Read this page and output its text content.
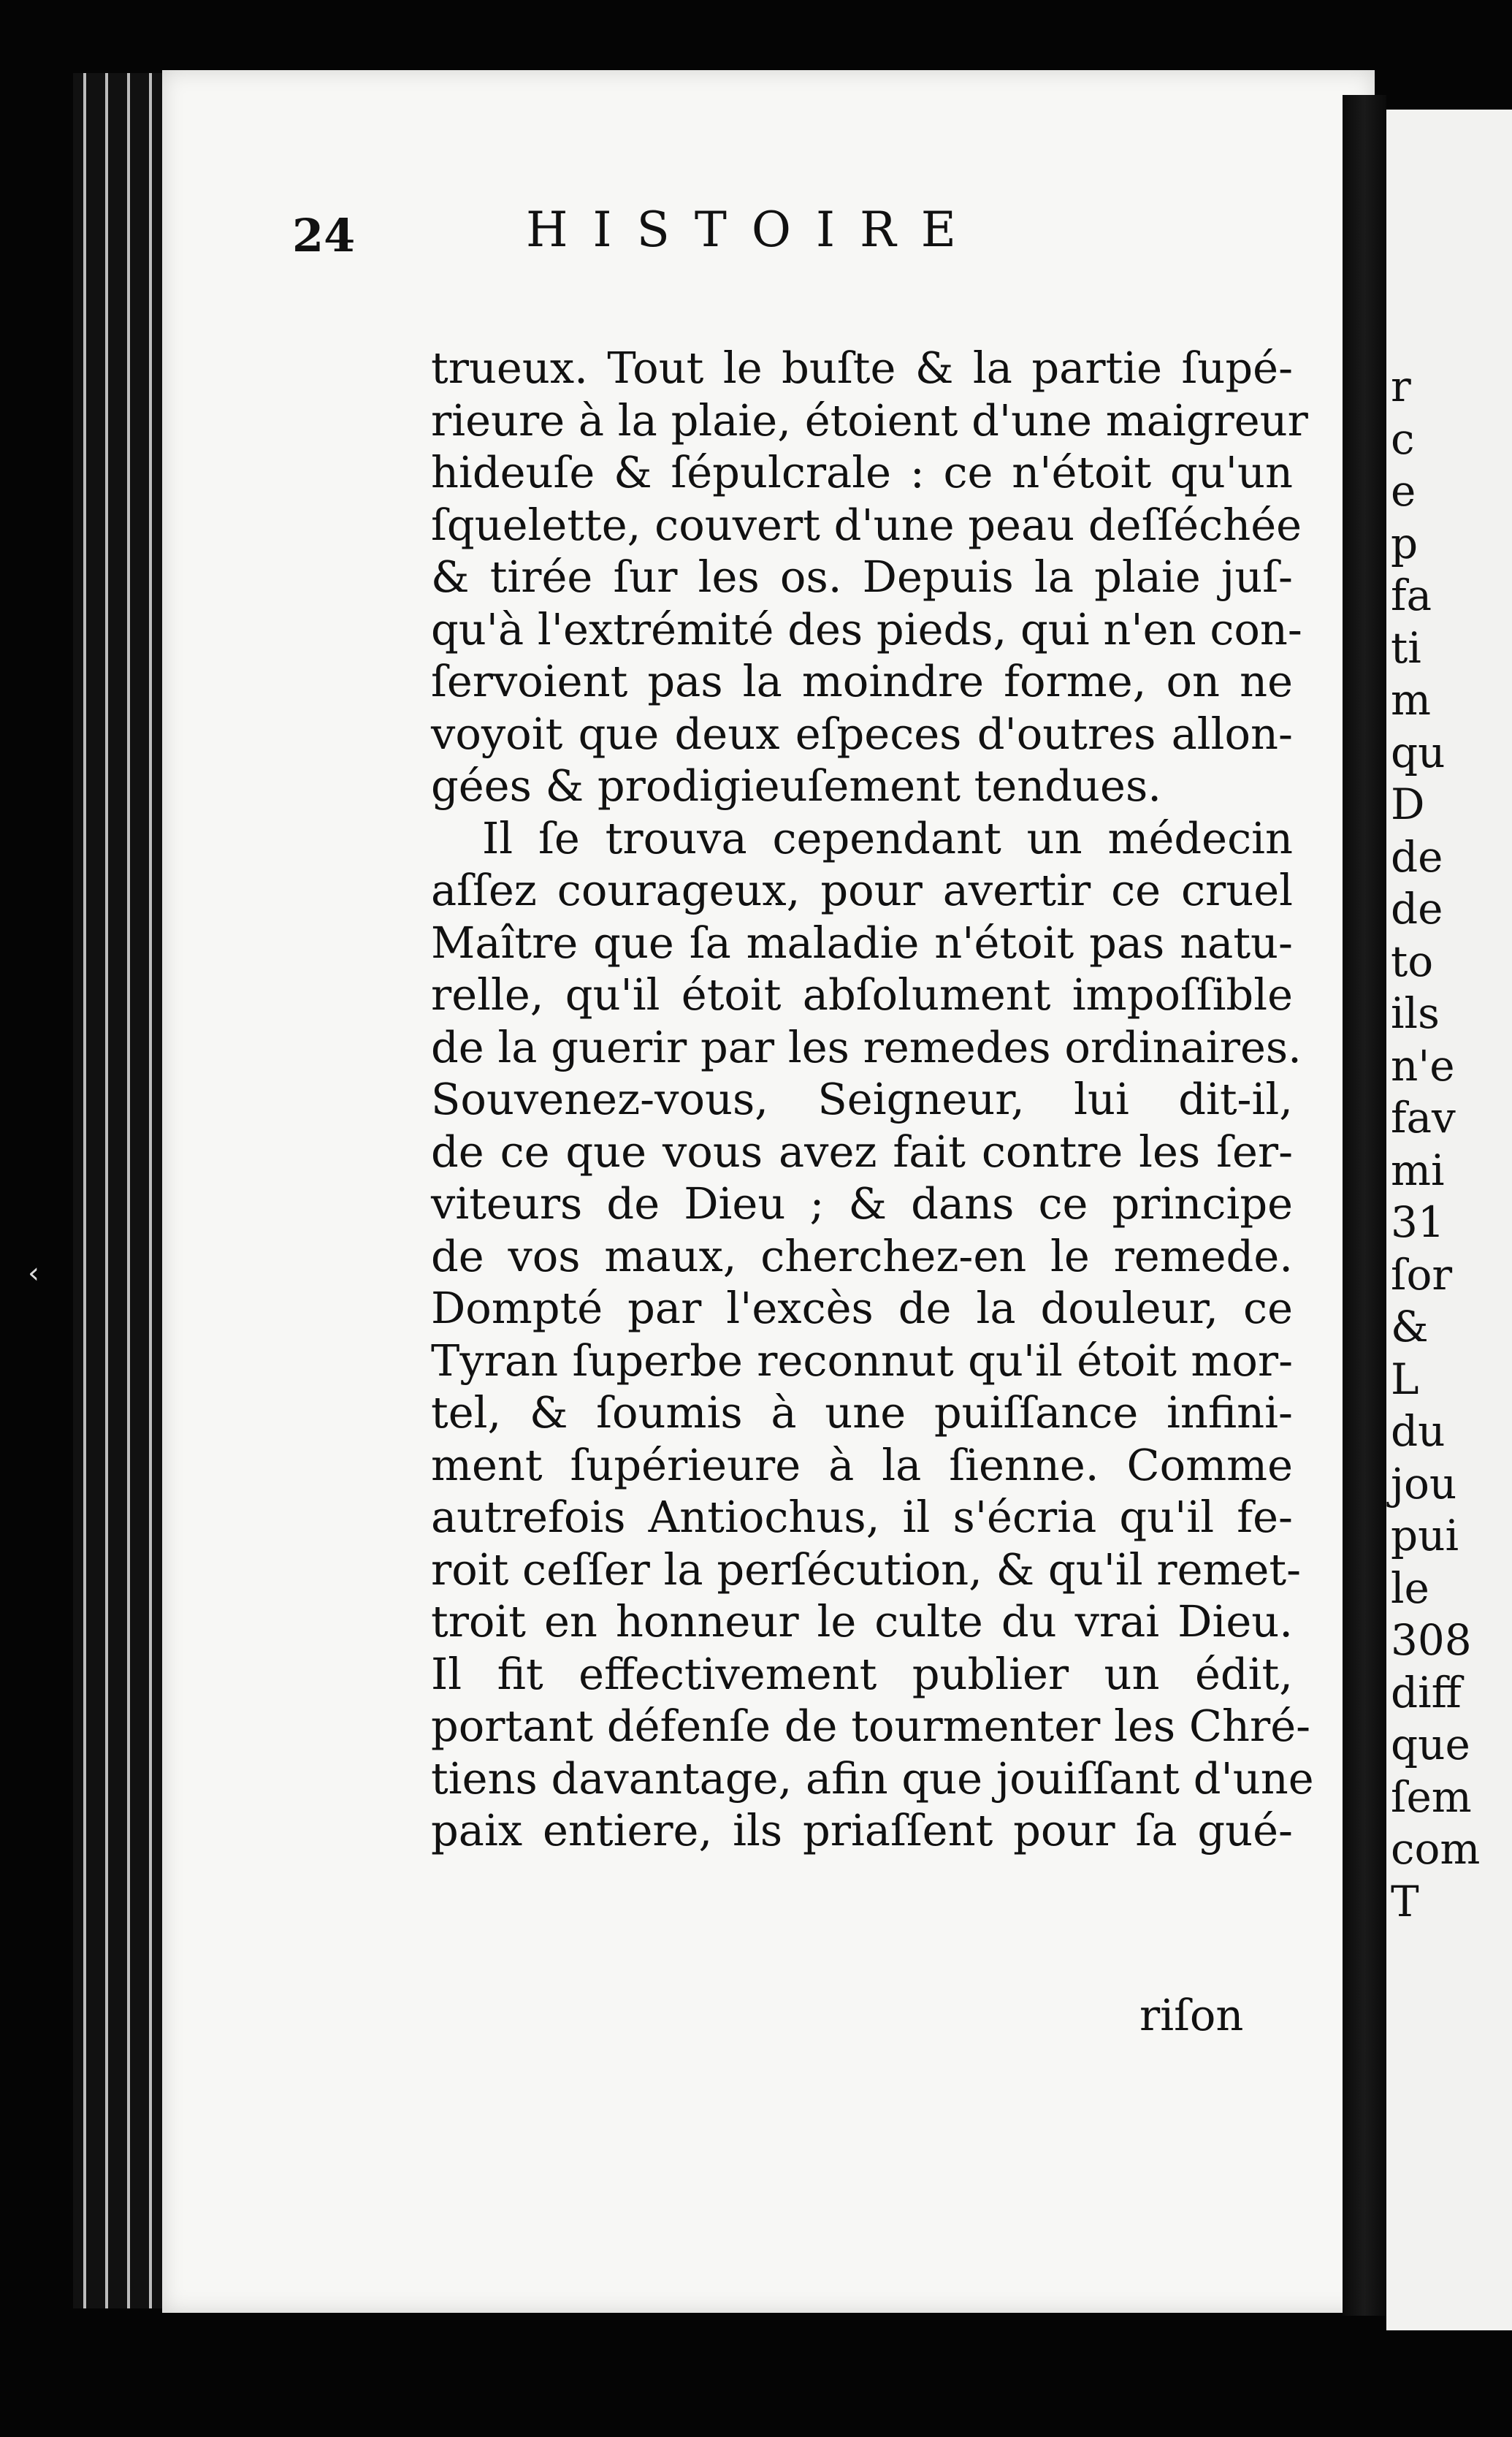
‹
24	HISTOIRE
trueux. Tout le buſte & la partie ſupé-
rieure à la plaie, étoient d'une maigreur
hideuſe & ſépulcrale : ce n'étoit qu'un
ſquelette, couvert d'une peau deſſéchée
& tirée ſur les os. Depuis la plaie juſ-
qu'à l'extrémité des pieds, qui n'en con-
ſervoient pas la moindre forme, on ne
voyoit que deux eſpeces d'outres allon-
gées & prodigieuſement tendues.
Il ſe trouva cependant un médecin
aſſez courageux, pour avertir ce cruel
Maître que ſa maladie n'étoit pas natu-
relle, qu'il étoit abſolument impoſſible
de la guerir par les remedes ordinaires.
Souvenez-vous, Seigneur, lui dit-il,
de ce que vous avez fait contre les ſer-
viteurs de Dieu ; & dans ce principe
de vos maux, cherchez-en le remede.
Dompté par l'excès de la douleur, ce
Tyran ſuperbe reconnut qu'il étoit mor-
tel, & ſoumis à une puiſſance infini-
ment ſupérieure à la ſienne. Comme
autrefois Antiochus, il s'écria qu'il fe-
roit ceſſer la perſécution, & qu'il remet-
troit en honneur le culte du vrai Dieu.
Il fit effectivement publier un édit,
portant défenſe de tourmenter les Chré-
tiens davantage, afin que jouiſſant d'une
paix entiere, ils priaſſent pour ſa gué-
riſon
r
c
e
p
fa
ti
m
qu
D
de
de
to
ils
n'e
fav
mi
31
ſor
&
L
du
jou
pui
le
308
diff
que
ſem
com
T
